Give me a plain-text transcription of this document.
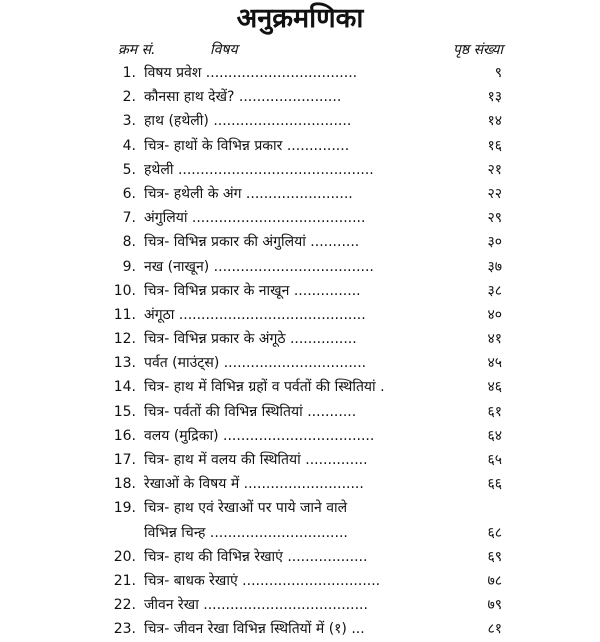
अनुक्रमणिका
क्रम सं.	विषय	पृष्ठ संख्या
1. विषय प्रवेश ..................................	९
2. कौनसा हाथ देखें? .......................	१३
3. हाथ (हथेली) ...............................	१४
4. चित्र- हाथों के विभिन्न प्रकार ..............	१६
5. हथेली ............................................	२१
6. चित्र- हथेली के अंग ........................	२२
7. अंगुलियां .......................................	२९
8. चित्र- विभिन्न प्रकार की अंगुलियां ...........	३०
9. नख (नाखून) ....................................	३७
10. चित्र- विभिन्न प्रकार के नाखून ...............	३८
11. अंगूठा ..........................................	४०
12. चित्र- विभिन्न प्रकार के अंगूठे ...............	४१
13. पर्वत (माउंट्स) ................................	४५
14. चित्र- हाथ में विभिन्न ग्रहों व पर्वतों की स्थितियां .	४६
15. चित्र- पर्वतों की विभिन्न स्थितियां ...........	६१
16. वलय (मुद्रिका) ..................................	६४
17. चित्र- हाथ में वलय की स्थितियां ..............	६५
18. रेखाओं के विषय में ...........................	६६
19. चित्र- हाथ एवं रेखाओं पर पाये जाने वाले
विभिन्न चिन्ह ...............................	६८
20. चित्र- हाथ की विभिन्न रेखाएं ..................	६९
21. चित्र- बाधक रेखाएं ...............................	७८
22. जीवन रेखा .....................................	७९
23. चित्र- जीवन रेखा विभिन्न स्थितियों में (१) ...	८१
